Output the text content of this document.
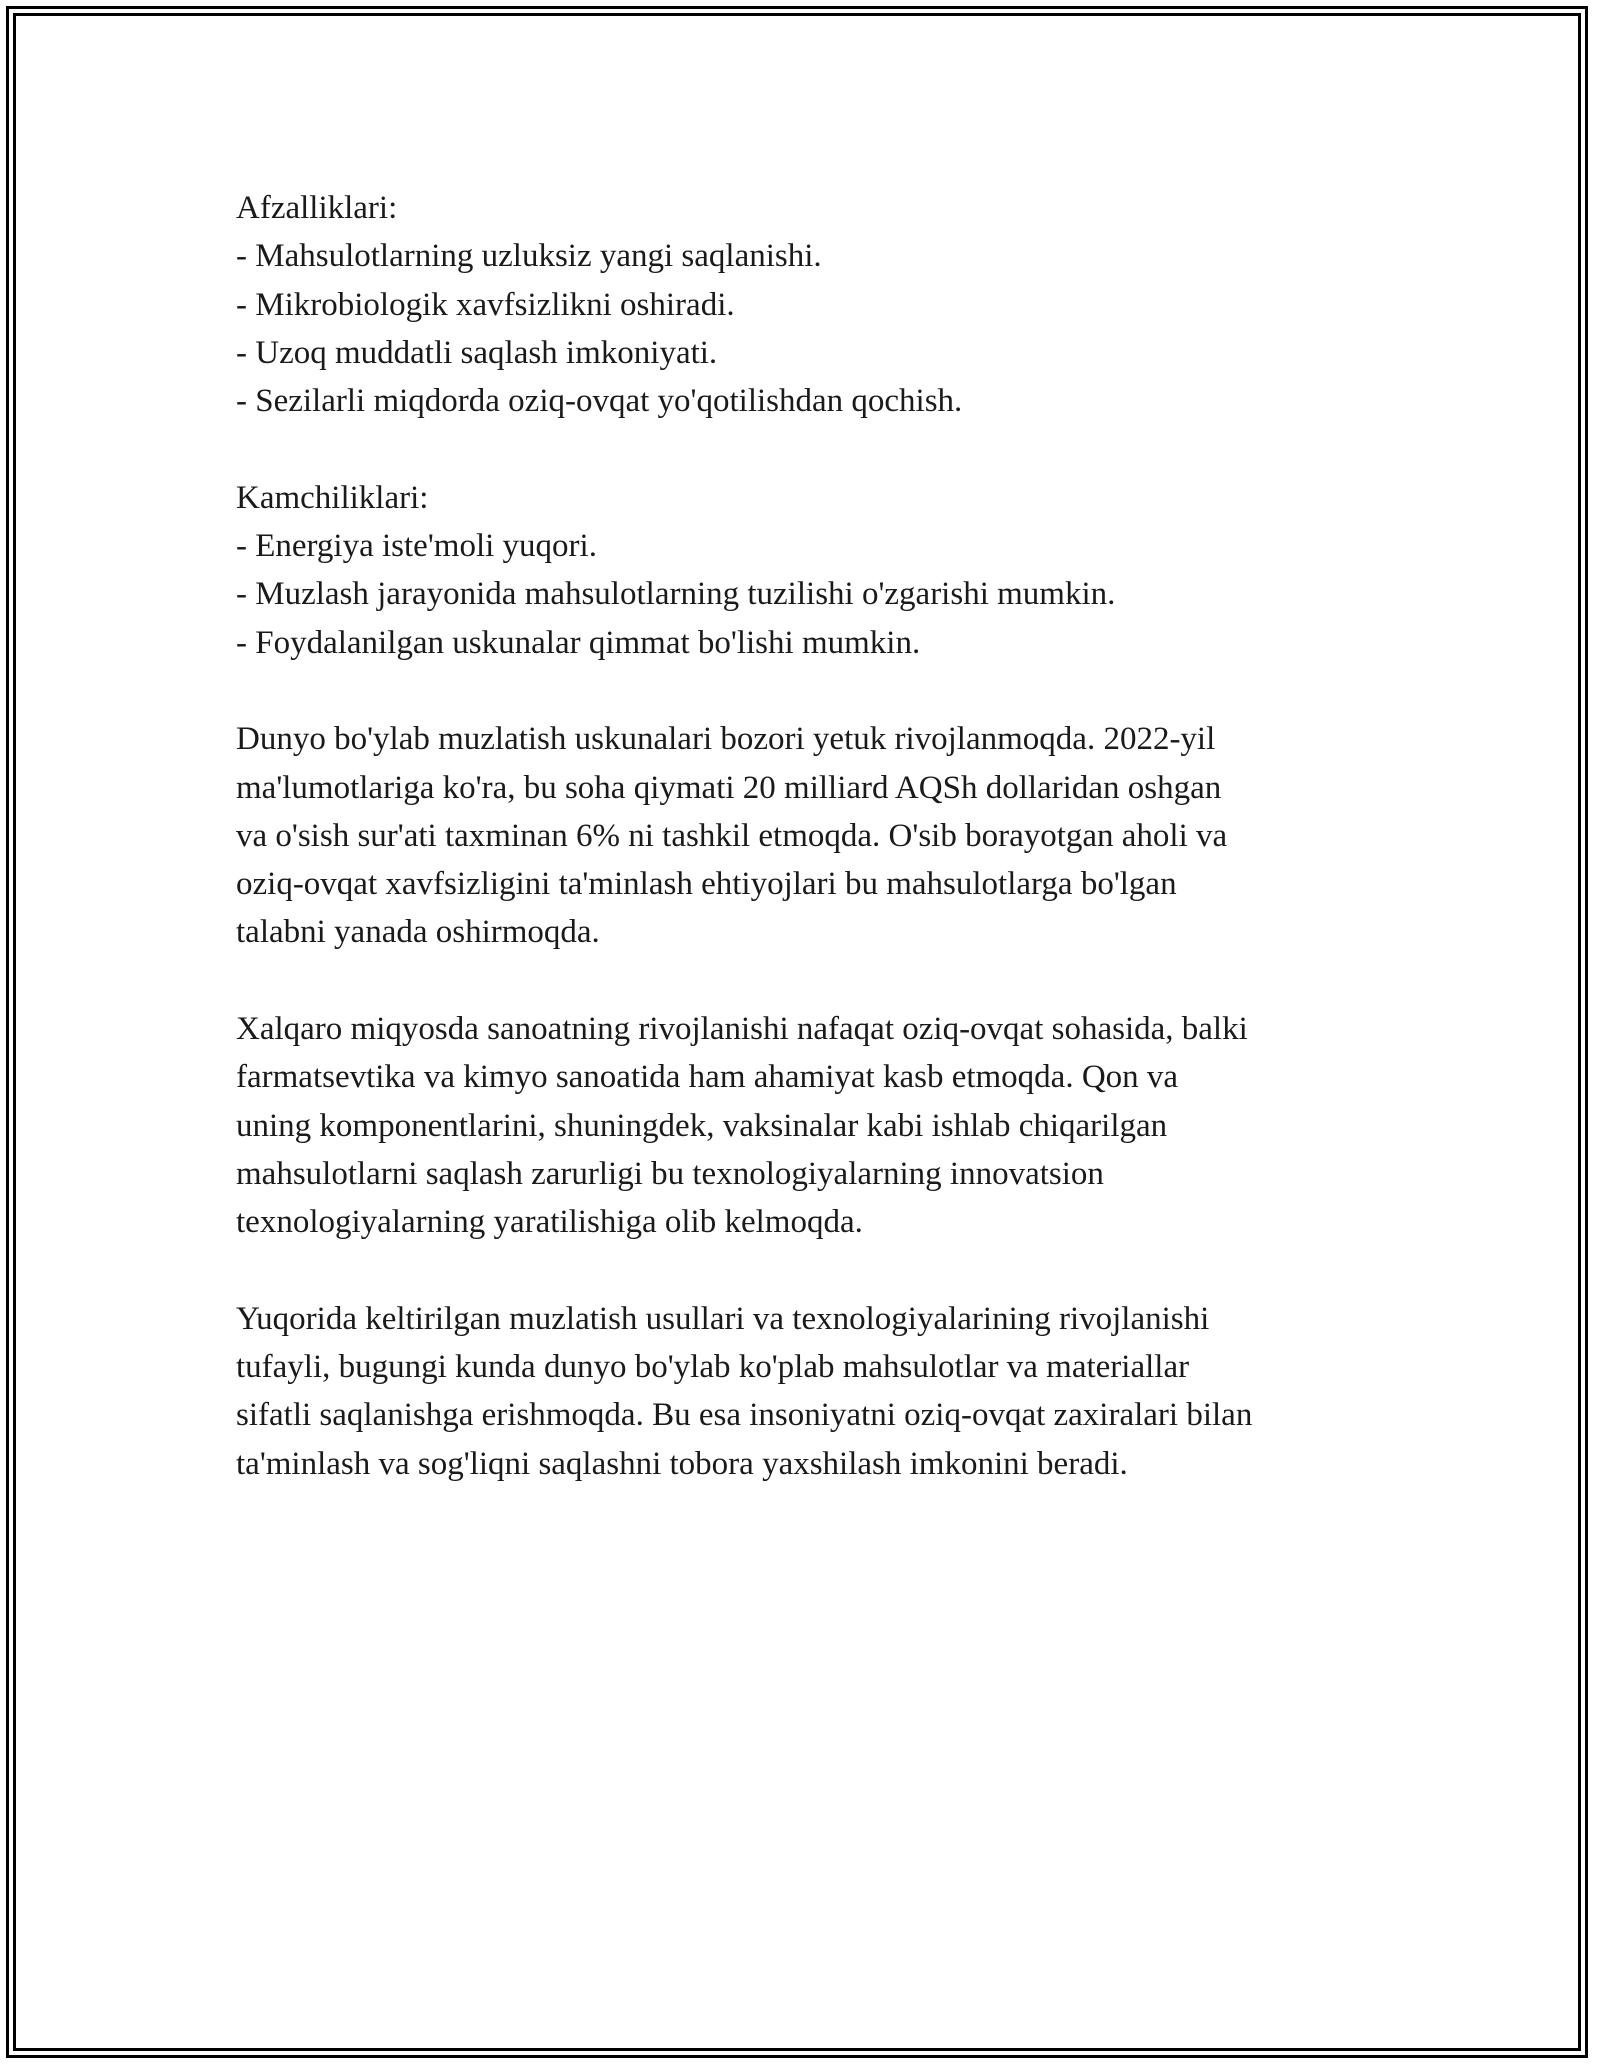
Afzalliklari:
- Mahsulotlarning uzluksiz yangi saqlanishi.
- Mikrobiologik xavfsizlikni oshiradi.
- Uzoq muddatli saqlash imkoniyati.
- Sezilarli miqdorda oziq-ovqat yo'qotilishdan qochish.
Kamchiliklari:
- Energiya iste'moli yuqori.
- Muzlash jarayonida mahsulotlarning tuzilishi o'zgarishi mumkin.
- Foydalanilgan uskunalar qimmat bo'lishi mumkin.
Dunyo bo'ylab muzlatish uskunalari bozori yetuk rivojlanmoqda. 2022-yil
ma'lumotlariga ko'ra, bu soha qiymati 20 milliard AQSh dollaridan oshgan
va o'sish sur'ati taxminan 6% ni tashkil etmoqda. O'sib borayotgan aholi va
oziq-ovqat xavfsizligini ta'minlash ehtiyojlari bu mahsulotlarga bo'lgan
talabni yanada oshirmoqda.
Xalqaro miqyosda sanoatning rivojlanishi nafaqat oziq-ovqat sohasida, balki
farmatsevtika va kimyo sanoatida ham ahamiyat kasb etmoqda. Qon va
uning komponentlarini, shuningdek, vaksinalar kabi ishlab chiqarilgan
mahsulotlarni saqlash zarurligi bu texnologiyalarning innovatsion
texnologiyalarning yaratilishiga olib kelmoqda.
Yuqorida keltirilgan muzlatish usullari va texnologiyalarining rivojlanishi
tufayli, bugungi kunda dunyo bo'ylab ko'plab mahsulotlar va materiallar
sifatli saqlanishga erishmoqda. Bu esa insoniyatni oziq-ovqat zaxiralari bilan
ta'minlash va sog'liqni saqlashni tobora yaxshilash imkonini beradi.
